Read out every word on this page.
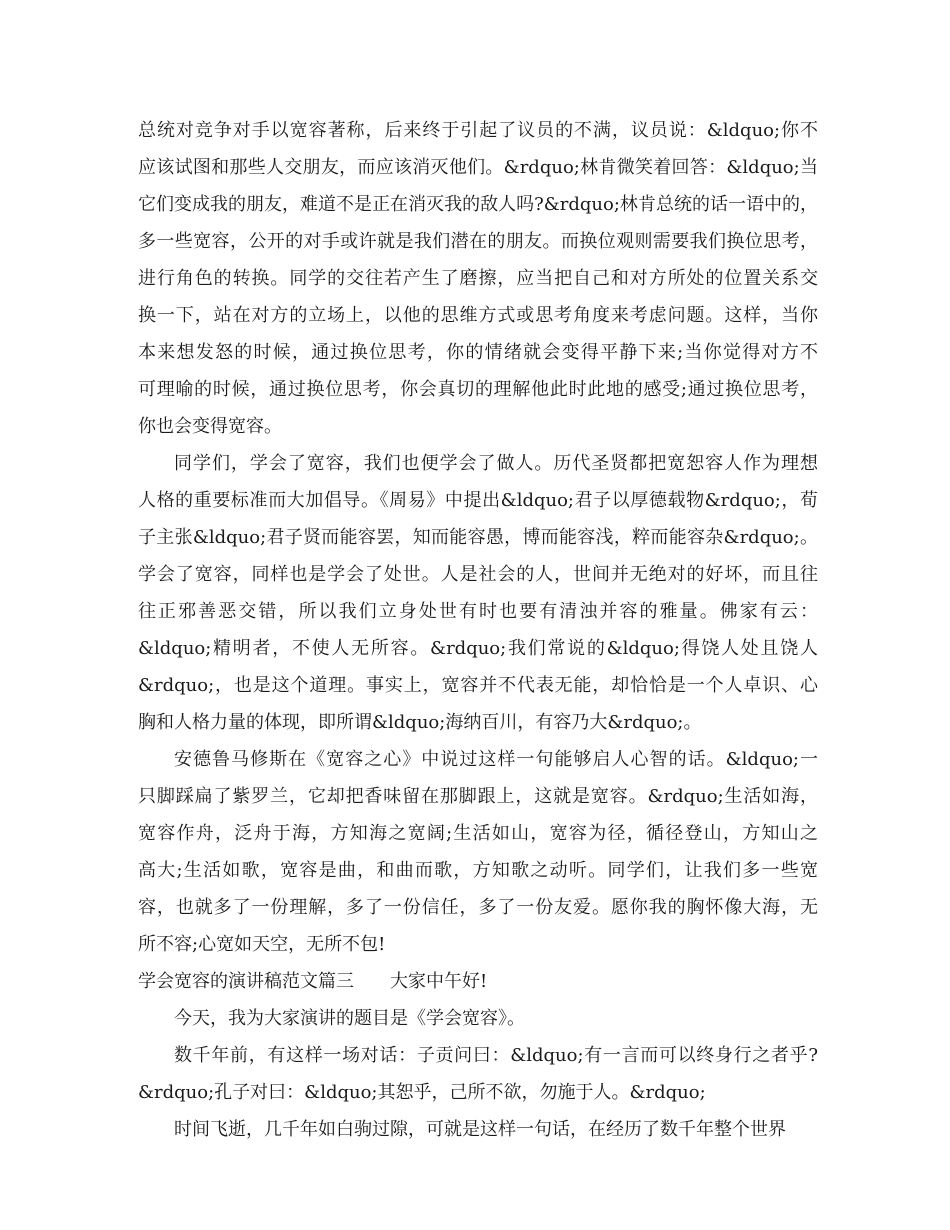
总统对竞争对手以宽容著称，后来终于引起了议员的不满，议员说：&ldquo;你不
应该试图和那些人交朋友，而应该消灭他们。&rdquo;林肯微笑着回答：&ldquo;当
它们变成我的朋友，难道不是正在消灭我的敌人吗?&rdquo;林肯总统的话一语中的，
多一些宽容，公开的对手或许就是我们潜在的朋友。而换位观则需要我们换位思考，
进行角色的转换。同学的交往若产生了磨擦，应当把自己和对方所处的位置关系交
换一下，站在对方的立场上，以他的思维方式或思考角度来考虑问题。这样，当你
本来想发怒的时候，通过换位思考，你的情绪就会变得平静下来;当你觉得对方不
可理喻的时候，通过换位思考，你会真切的理解他此时此地的感受;通过换位思考，
你也会变得宽容。
同学们，学会了宽容，我们也便学会了做人。历代圣贤都把宽恕容人作为理想
人格的重要标准而大加倡导。《周易》中提出&ldquo;君子以厚德载物&rdquo;，荀
子主张&ldquo;君子贤而能容罢，知而能容愚，博而能容浅，粹而能容杂&rdquo;。
学会了宽容，同样也是学会了处世。人是社会的人，世间并无绝对的好坏，而且往
往正邪善恶交错，所以我们立身处世有时也要有清浊并容的雅量。佛家有云：
&ldquo;精明者，不使人无所容。&rdquo;我们常说的&ldquo;得饶人处且饶人
&rdquo;，也是这个道理。事实上，宽容并不代表无能，却恰恰是一个人卓识、心
胸和人格力量的体现，即所谓&ldquo;海纳百川，有容乃大&rdquo;。
安德鲁马修斯在《宽容之心》中说过这样一句能够启人心智的话。&ldquo;一
只脚踩扁了紫罗兰，它却把香味留在那脚跟上，这就是宽容。&rdquo;生活如海，
宽容作舟，泛舟于海，方知海之宽阔;生活如山，宽容为径，循径登山，方知山之
高大;生活如歌，宽容是曲，和曲而歌，方知歌之动听。同学们，让我们多一些宽
容，也就多了一份理解，多了一份信任，多了一份友爱。愿你我的胸怀像大海，无
所不容;心宽如天空，无所不包!
学会宽容的演讲稿范文篇三 大家中午好!
今天，我为大家演讲的题目是《学会宽容》。
数千年前，有这样一场对话：子贡问曰：&ldquo;有一言而可以终身行之者乎?
&rdquo;孔子对曰：&ldquo;其恕乎，己所不欲，勿施于人。&rdquo;
时间飞逝，几千年如白驹过隙，可就是这样一句话，在经历了数千年整个世界
